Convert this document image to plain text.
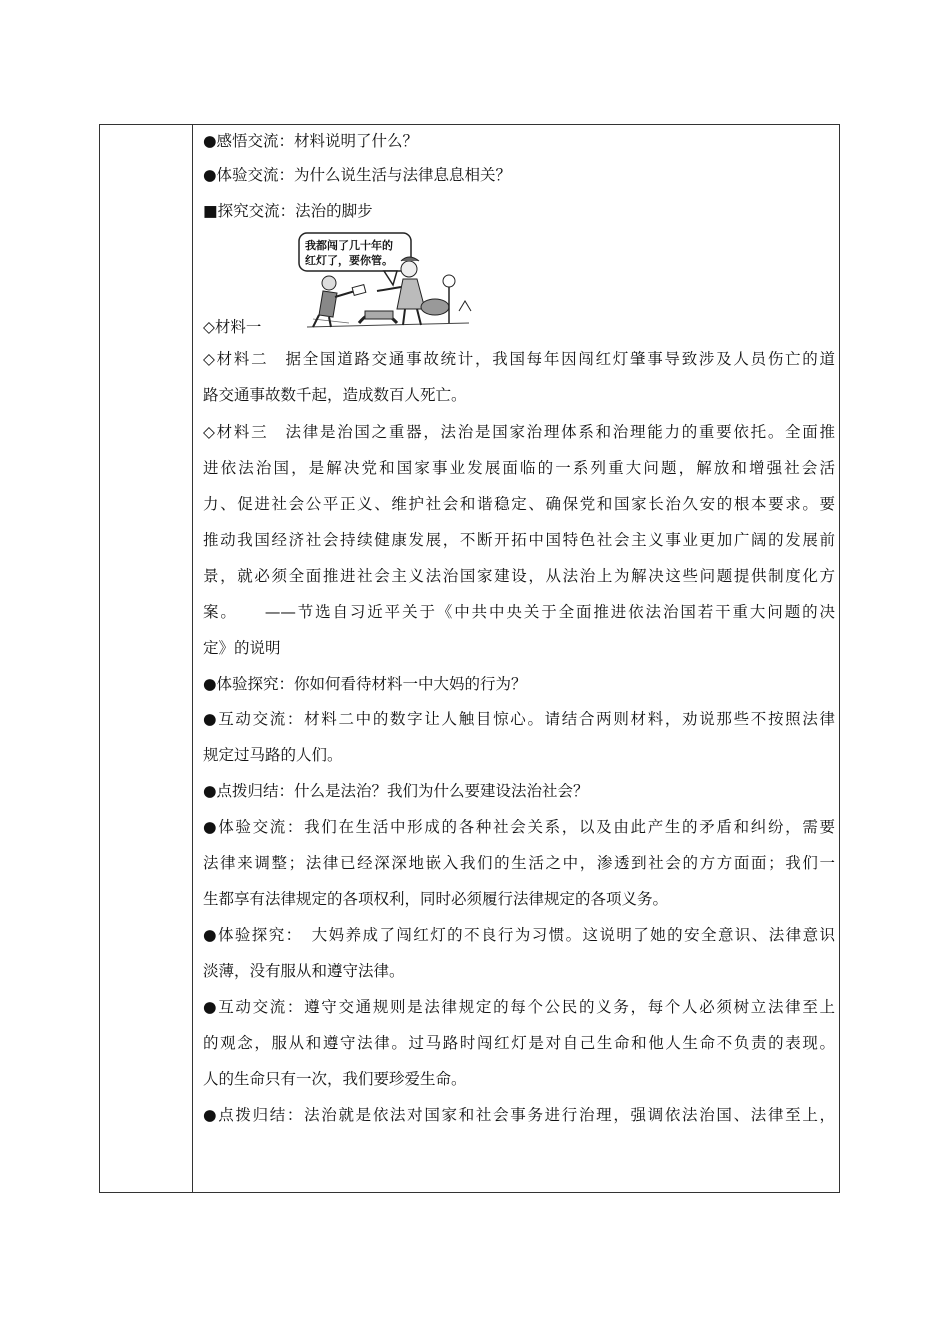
●感悟交流：材料说明了什么？
●体验交流：为什么说生活与法律息息相关？
■探究交流：法治的脚步
我都闯了几十年的
红灯了，要你管。
◇材料一
◇材料二　据全国道路交通事故统计，我国每年因闯红灯肇事导致涉及人员伤亡的道
路交通事故数千起，造成数百人死亡。
◇材料三　法律是治国之重器，法治是国家治理体系和治理能力的重要依托。全面推
进依法治国，是解决党和国家事业发展面临的一系列重大问题，解放和增强社会活
力、促进社会公平正义、维护社会和谐稳定、确保党和国家长治久安的根本要求。要
推动我国经济社会持续健康发展，不断开拓中国特色社会主义事业更加广阔的发展前
景，就必须全面推进社会主义法治国家建设，从法治上为解决这些问题提供制度化方
案。　　——节选自习近平关于《中共中央关于全面推进依法治国若干重大问题的决
定》的说明
●体验探究：你如何看待材料一中大妈的行为？
●互动交流：材料二中的数字让人触目惊心。请结合两则材料，劝说那些不按照法律
规定过马路的人们。
●点拨归结：什么是法治？我们为什么要建设法治社会？
●体验交流：我们在生活中形成的各种社会关系，以及由此产生的矛盾和纠纷，需要
法律来调整；法律已经深深地嵌入我们的生活之中，渗透到社会的方方面面；我们一
生都享有法律规定的各项权利，同时必须履行法律规定的各项义务。
●体验探究：　大妈养成了闯红灯的不良行为习惯。这说明了她的安全意识、法律意识
淡薄，没有服从和遵守法律。
●互动交流：遵守交通规则是法律规定的每个公民的义务，每个人必须树立法律至上
的观念，服从和遵守法律。过马路时闯红灯是对自己生命和他人生命不负责的表现。
人的生命只有一次，我们要珍爱生命。
●点拨归结：法治就是依法对国家和社会事务进行治理，强调依法治国、法律至上，
